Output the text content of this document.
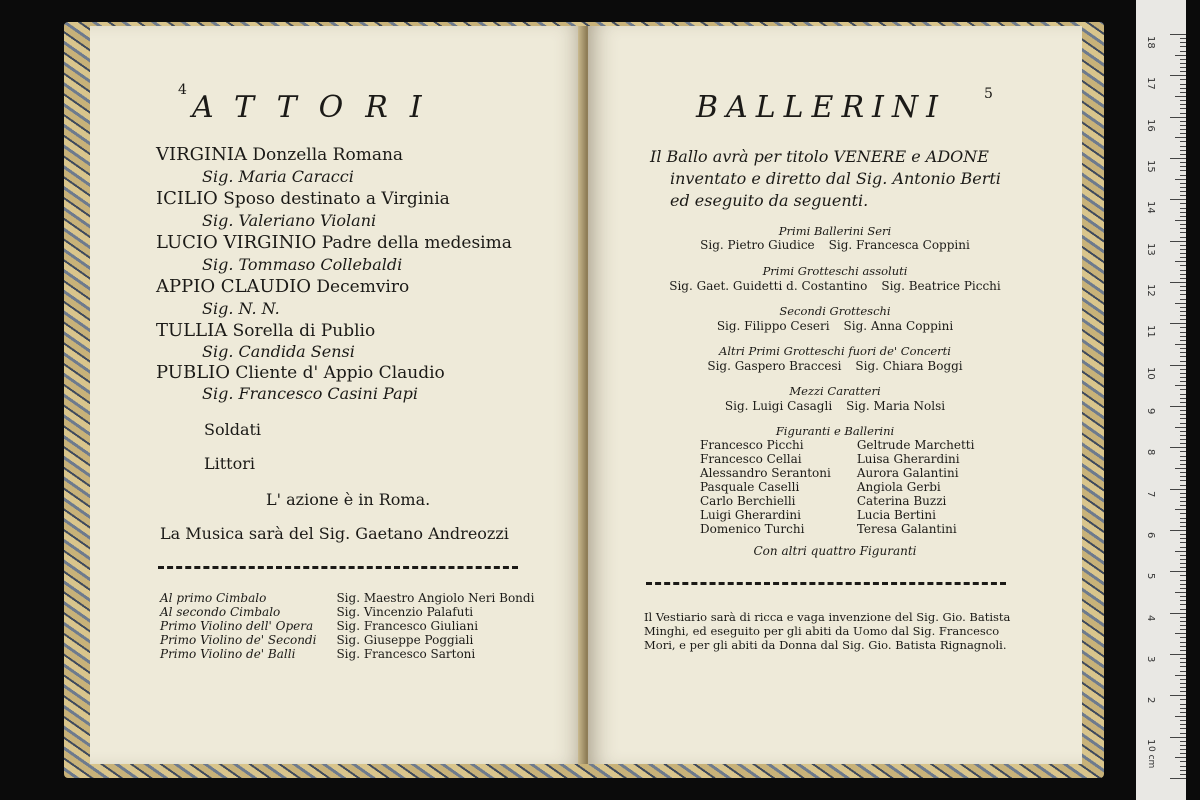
4 ATTORI
VIRGINIA Donzella Romana
Sig. Maria Caracci
ICILIO Sposo destinato a Virginia
Sig. Valeriano Violani
LUCIO VIRGINIO Padre della medesima
Sig. Tommaso Collebaldi
APPIO CLAUDIO Decemviro
Sig. N. N.
TULLIA Sorella di Publio
Sig. Candida Sensi
PUBLIO Cliente d' Appio Claudio
Sig. Francesco Casini Papi
Soldati
Littori
L' azione è in Roma.
La Musica sarà del Sig. Gaetano Andreozzi
Al primo Cimbalo	Sig. Maestro Angiolo Neri Bondi
Al secondo Cimbalo	Sig. Vincenzio Palafuti
Primo Violino dell' Opera	Sig. Francesco Giuliani
Primo Violino de' Secondi	Sig. Giuseppe Poggiali
Primo Violino de' Balli	Sig. Francesco Sartoni
BALLERINI	5
Il Ballo avrà per titolo VENERE e ADONE
inventato e diretto dal Sig. Antonio Berti
ed eseguito da seguenti.
Primi Ballerini Seri
Sig. Pietro Giudice Sig. Francesca Coppini
Primi Grotteschi assoluti
Sig. Gaet. Guidetti d. Costantino Sig. Beatrice Picchi
Secondi Grotteschi
Sig. Filippo Ceseri Sig. Anna Coppini
Altri Primi Grotteschi fuori de' Concerti
Sig. Gaspero Braccesi Sig. Chiara Boggi
Mezzi Caratteri
Sig. Luigi Casagli Sig. Maria Nolsi
Figuranti e Ballerini
Francesco Picchi	Geltrude Marchetti
Francesco Cellai	Luisa Gherardini
Alessandro Serantoni	Aurora Galantini
Pasquale Caselli	Angiola Gerbi
Carlo Berchielli	Caterina Buzzi
Luigi Gherardini	Lucia Bertini
Domenico Turchi	Teresa Galantini
Con altri quattro Figuranti
Il Vestiario sarà di ricca e vaga invenzione del Sig. Gio. Batista Minghi, ed eseguito per gli abiti da Uomo dal Sig. Francesco Mori, e per gli abiti da Donna dal Sig. Gio. Batista Rignagnoli.
18
17
16
15
14
13
12
11
10
9
8
7
6
5
4
3
2
1
0 cm
